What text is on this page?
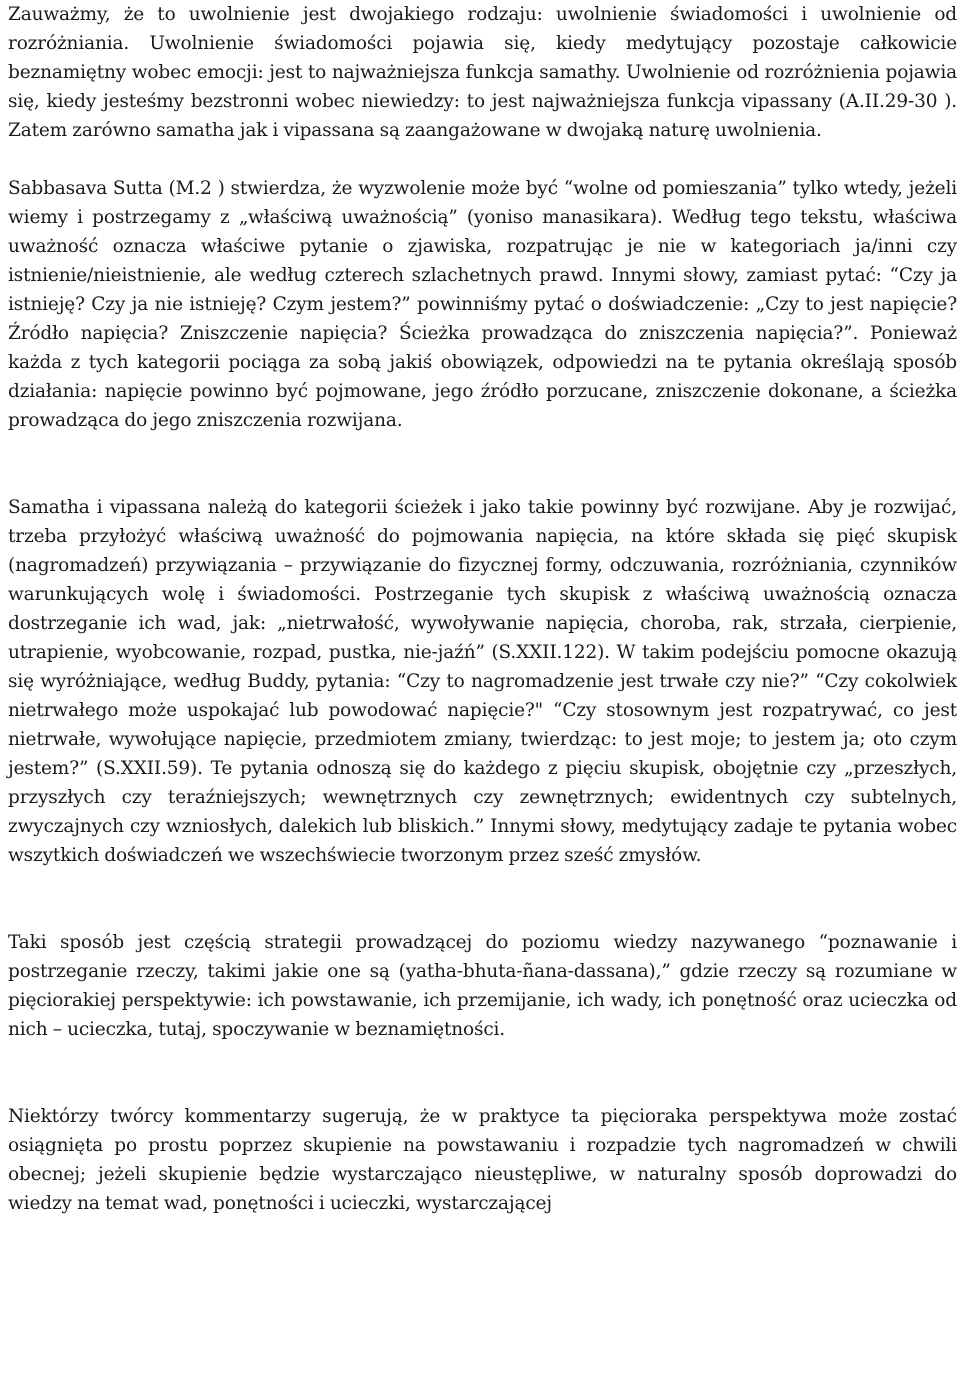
Zauważmy, że to uwolnienie jest dwojakiego rodzaju: uwolnienie świadomości i uwolnienie od rozróżniania. Uwolnienie świadomości pojawia się, kiedy medytujący pozostaje całkowicie beznamiętny wobec emocji: jest to najważniejsza funkcja samathy. Uwolnienie od rozróżnienia pojawia się, kiedy jesteśmy bezstronni wobec niewiedzy: to jest najważniejsza funkcja vipassany (A.II.29-30 ). Zatem zarówno samatha jak i vipassana są zaangażowane w dwojaką naturę uwolnienia.

Sabbasava Sutta (M.2 ) stwierdza, że wyzwolenie może być “wolne od pomieszania” tylko wtedy, jeżeli wiemy i postrzegamy z „właściwą uważnością” (yoniso manasikara). Według tego tekstu, właściwa uważność oznacza właściwe pytanie o zjawiska, rozpatrując je nie w kategoriach ja/inni czy istnienie/nieistnienie, ale według czterech szlachetnych prawd. Innymi słowy, zamiast pytać: “Czy ja istnieję? Czy ja nie istnieję? Czym jestem?” powinniśmy pytać o doświadczenie: „Czy to jest napięcie? Źródło napięcia? Zniszczenie napięcia? Ścieżka prowadząca do zniszczenia napięcia?”. Ponieważ każda z tych kategorii pociąga za sobą jakiś obowiązek, odpowiedzi na te pytania określają sposób działania: napięcie powinno być pojmowane, jego źródło porzucane, zniszczenie dokonane, a ścieżka prowadząca do jego zniszczenia rozwijana.

Samatha i vipassana należą do kategorii ścieżek i jako takie powinny być rozwijane. Aby je rozwijać, trzeba przyłożyć właściwą uważność do pojmowania napięcia, na które składa się pięć skupisk (nagromadzeń) przywiązania – przywiązanie do fizycznej formy, odczuwania, rozróżniania, czynników warunkujących wolę i świadomości. Postrzeganie tych skupisk z właściwą uważnością oznacza dostrzeganie ich wad, jak: „nietrwałość, wywoływanie napięcia, choroba, rak, strzała, cierpienie, utrapienie, wyobcowanie, rozpad, pustka, nie-jaźń” (S.XXII.122). W takim podejściu pomocne okazują się wyróżniające, według Buddy, pytania: “Czy to nagromadzenie jest trwałe czy nie?” “Czy cokolwiek nietrwałego może uspokajać lub powodować napięcie?" “Czy stosownym jest rozpatrywać, co jest nietrwałe, wywołujące napięcie, przedmiotem zmiany, twierdząc: to jest moje; to jestem ja; oto czym jestem?” (S.XXII.59). Te pytania odnoszą się do każdego z pięciu skupisk, obojętnie czy „przeszłych, przyszłych czy teraźniejszych; wewnętrznych czy zewnętrznych; ewidentnych czy subtelnych, zwyczajnych czy wzniosłych, dalekich lub bliskich.” Innymi słowy, medytujący zadaje te pytania wobec wszytkich doświadczeń we wszechświecie tworzonym przez sześć zmysłów.

Taki sposób jest częścią strategii prowadzącej do poziomu wiedzy nazywanego “poznawanie i postrzeganie rzeczy, takimi jakie one są (yatha-bhuta-ñana-dassana),” gdzie rzeczy są rozumiane w pięciorakiej perspektywie: ich powstawanie, ich przemijanie, ich wady, ich ponętność oraz ucieczka od nich – ucieczka, tutaj, spoczywanie w beznamiętności.

Niektórzy twórcy kommentarzy sugerują, że w praktyce ta pięciorakа perspektywa może zostać osiągnięta po prostu poprzez skupienie na powstawaniu i rozpadzie tych nagromadzeń w chwili obecnej; jeżeli skupienie będzie wystarczająco nieustępliwe, w naturalny sposób doprowadzi do wiedzy na temat wad, ponętności i ucieczki, wystarczającej
